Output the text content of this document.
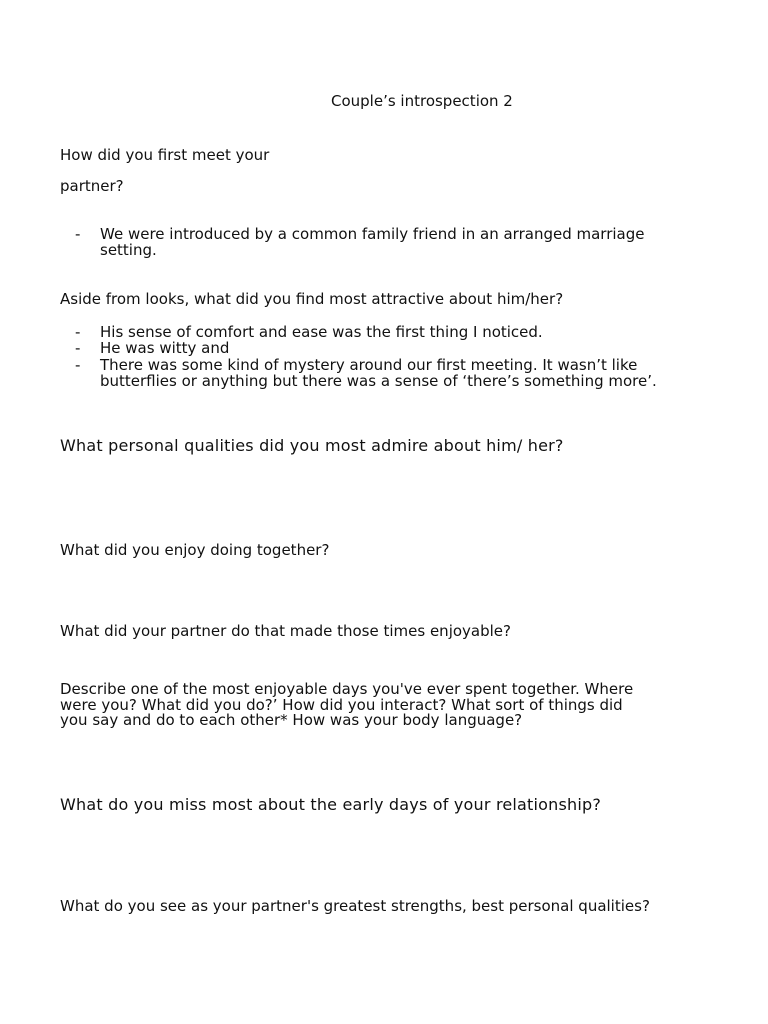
Couple’s introspection 2
How did you first meet your
partner?
- We were introduced by a common family friend in an arranged marriage
setting.
Aside from looks, what did you find most attractive about him/her?
- His sense of comfort and ease was the first thing I noticed.
- He was witty and
- There was some kind of mystery around our first meeting. It wasn’t like
butterflies or anything but there was a sense of ‘there’s something more’.
What personal qualities did you most admire about him/ her?
What did you enjoy doing together?
What did your partner do that made those times enjoyable?
Describe one of the most enjoyable days you've ever spent together. Where
were you? What did you do?’ How did you interact? What sort of things did
you say and do to each other* How was your body language?
What do you miss most about the early days of your relationship?
What do you see as your partner's greatest strengths, best personal qualities?
